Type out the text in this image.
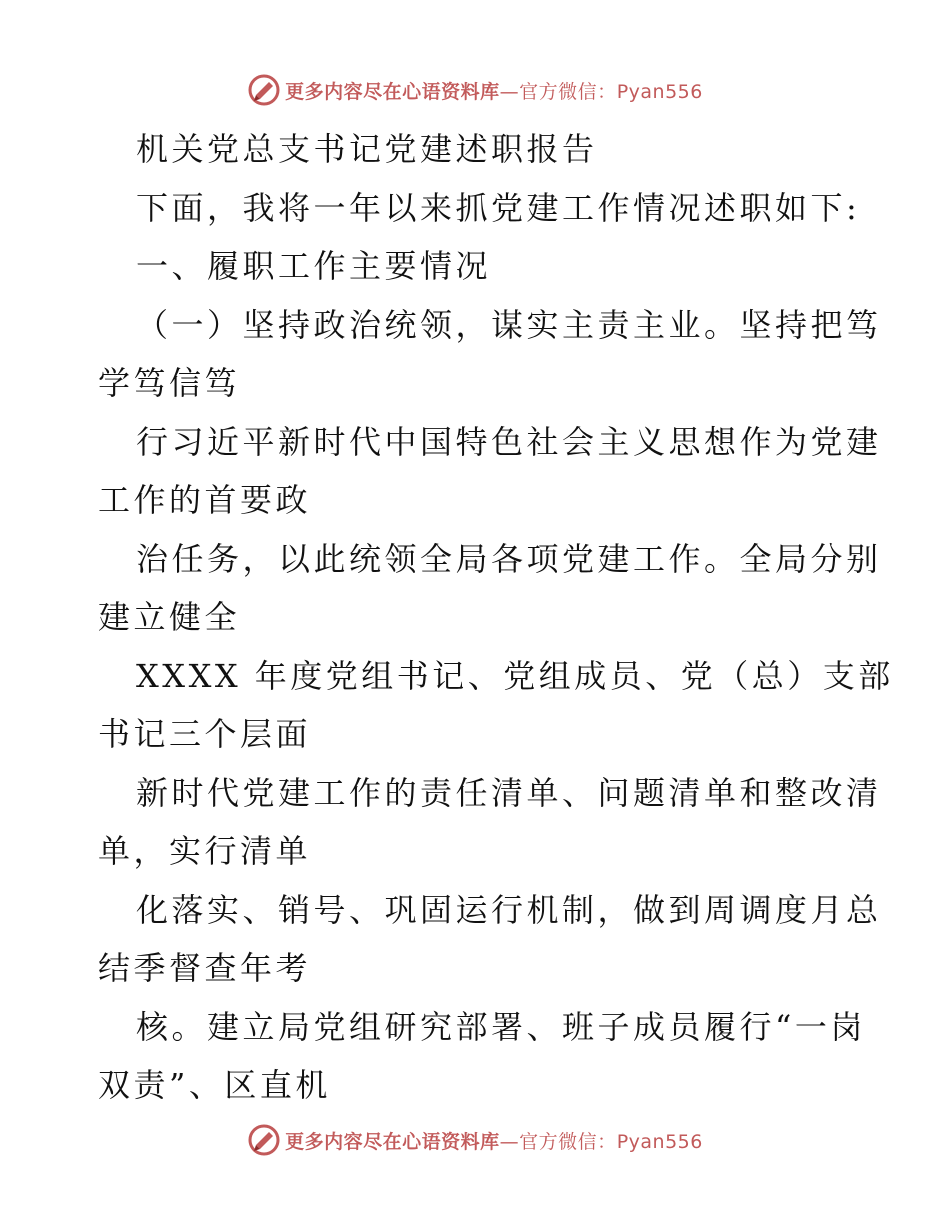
更多内容尽在心语资料库—官方微信：Pyan556
机关党总支书记党建述职报告
下面，我将一年以来抓党建工作情况述职如下:
一、履职工作主要情况
（一）坚持政治统领，谋实主责主业。坚持把笃
学笃信笃
行习近平新时代中国特色社会主义思想作为党建
工作的首要政
治任务，以此统领全局各项党建工作。全局分别
建立健全
XXXX 年度党组书记、党组成员、党（总）支部
书记三个层面
新时代党建工作的责任清单、问题清单和整改清
单，实行清单
化落实、销号、巩固运行机制，做到周调度月总
结季督查年考
核。建立局党组研究部署、班子成员履行“一岗
双责”、区直机
更多内容尽在心语资料库—官方微信：Pyan556
